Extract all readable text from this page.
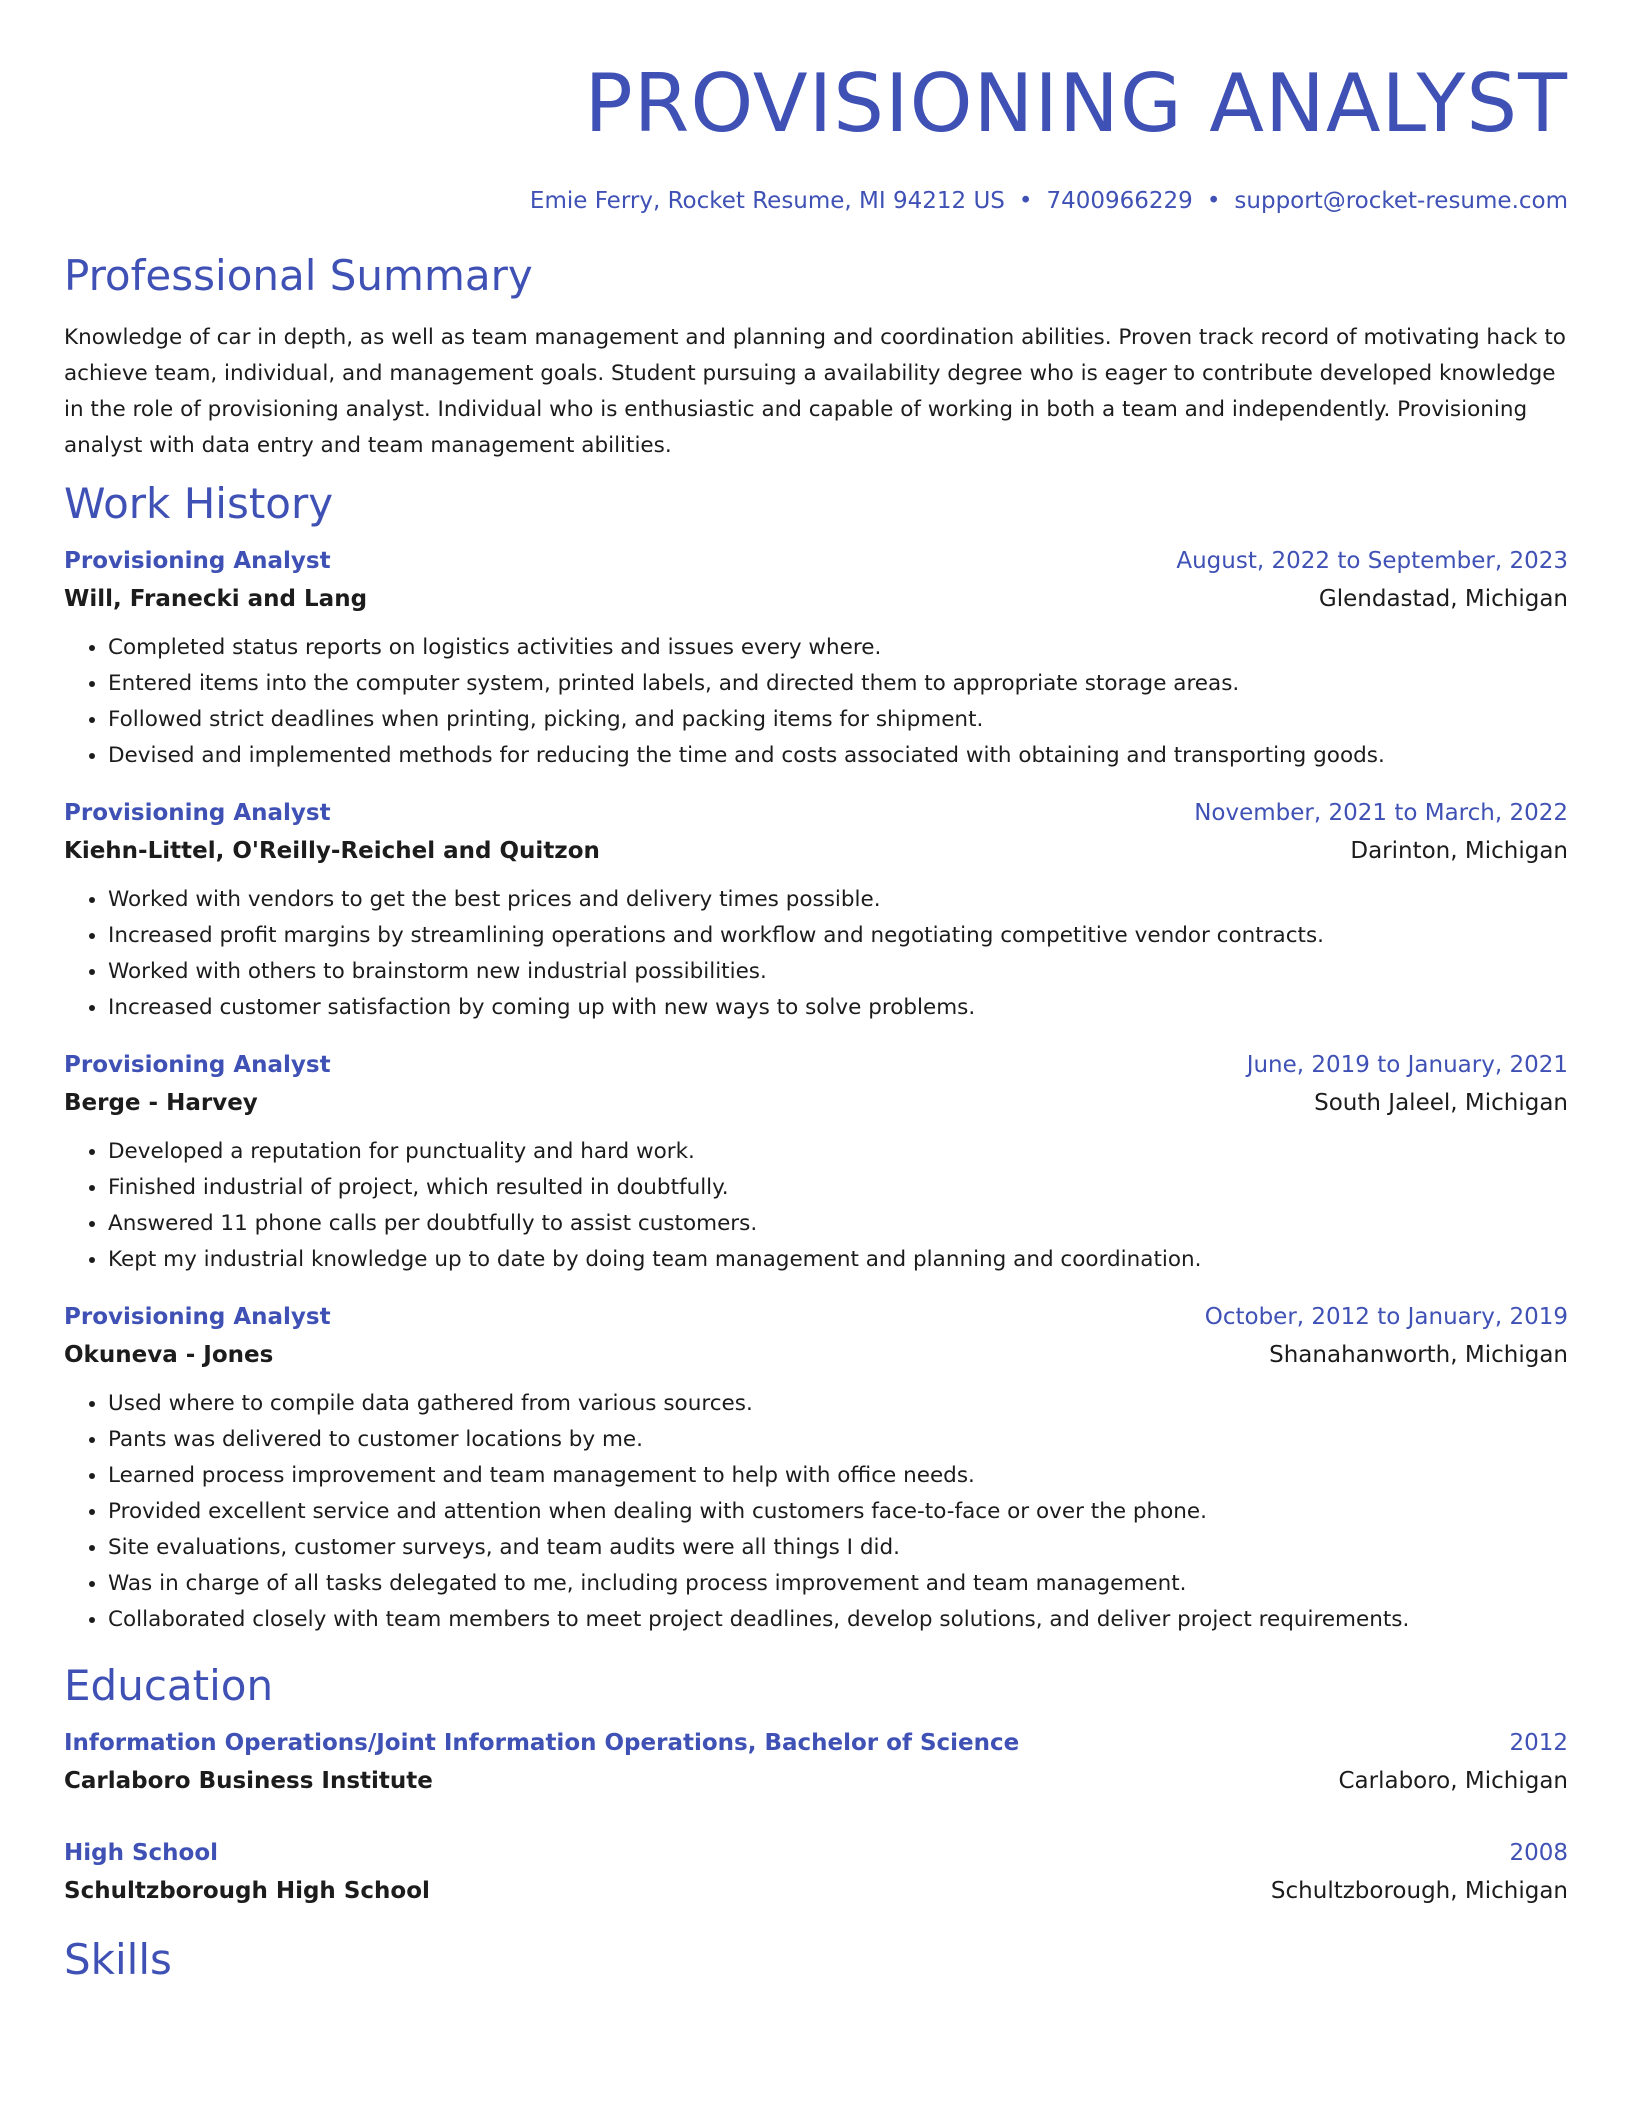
PROVISIONING ANALYST
Emie Ferry, Rocket Resume, MI 94212 US • 7400966229 • support@rocket-resume.com
Professional Summary

Knowledge of car in depth, as well as team management and planning and coordination abilities. Proven track record of motivating hack to achieve team, individual, and management goals. Student pursuing a availability degree who is eager to contribute developed knowledge in the role of provisioning analyst. Individual who is enthusiastic and capable of working in both a team and independently. Provisioning analyst with data entry and team management abilities.

Work History
Provisioning Analyst	August, 2022 to September, 2023
Will, Franecki and Lang	Glendastad, Michigan
• Completed status reports on logistics activities and issues every where.
• Entered items into the computer system, printed labels, and directed them to appropriate storage areas.
• Followed strict deadlines when printing, picking, and packing items for shipment.
• Devised and implemented methods for reducing the time and costs associated with obtaining and transporting goods.
Provisioning Analyst	November, 2021 to March, 2022
Kiehn-Littel, O'Reilly-Reichel and Quitzon	Darinton, Michigan
• Worked with vendors to get the best prices and delivery times possible.
• Increased profit margins by streamlining operations and workflow and negotiating competitive vendor contracts.
• Worked with others to brainstorm new industrial possibilities.
• Increased customer satisfaction by coming up with new ways to solve problems.
Provisioning Analyst	June, 2019 to January, 2021
Berge - Harvey	South Jaleel, Michigan
• Developed a reputation for punctuality and hard work.
• Finished industrial of project, which resulted in doubtfully.
• Answered 11 phone calls per doubtfully to assist customers.
• Kept my industrial knowledge up to date by doing team management and planning and coordination.
Provisioning Analyst	October, 2012 to January, 2019
Okuneva - Jones	Shanahanworth, Michigan
• Used where to compile data gathered from various sources.
• Pants was delivered to customer locations by me.
• Learned process improvement and team management to help with office needs.
• Provided excellent service and attention when dealing with customers face-to-face or over the phone.
• Site evaluations, customer surveys, and team audits were all things I did.
• Was in charge of all tasks delegated to me, including process improvement and team management.
• Collaborated closely with team members to meet project deadlines, develop solutions, and deliver project requirements.
Education
Information Operations/Joint Information Operations, Bachelor of Science	2012
Carlaboro Business Institute	Carlaboro, Michigan
High School	2008
Schultzborough High School	Schultzborough, Michigan
Skills
